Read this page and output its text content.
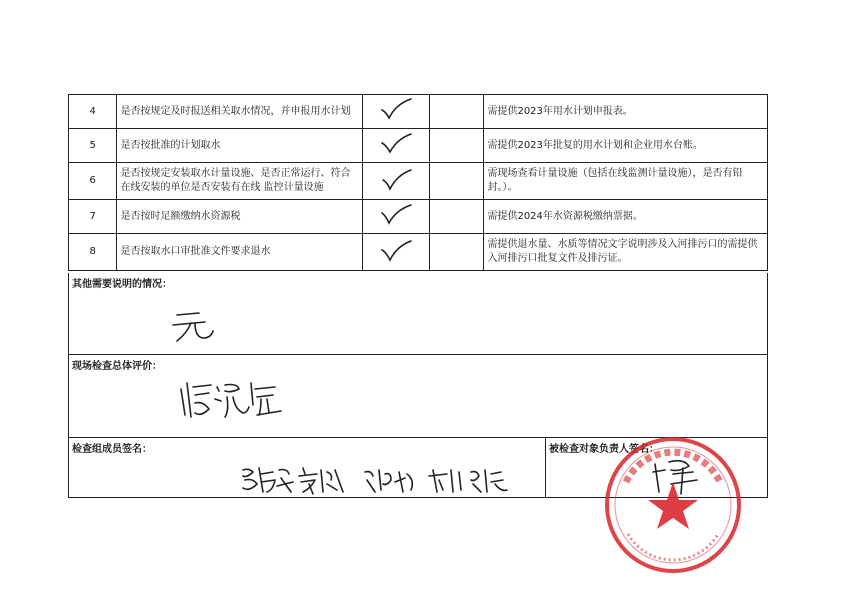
4	是否按规定及时报送相关取水情况，并申报用水计划			需提供2023年用水计划申报表。
5	是否按批准的计划取水			需提供2023年批复的用水计划和企业用水台账。
6	是否按规定安装取水计量设施、是否正常运行、符合在线安装的单位是否安装有在线 监控计量设施			需现场查看计量设施（包括在线监测计量设施），是否有铅封。）。
7	是否按时足额缴纳水资源税			需提供2024年水资源税缴纳票据。
8	是否按取水口审批准文件要求退水			需提供退水量、水质等情况文字说明涉及入河排污口的需提供入河排污口批复文件及排污证。
其他需要说明的情况：
现场检查总体评价：
检查组成员签名：	被检查对象负责人签名：
